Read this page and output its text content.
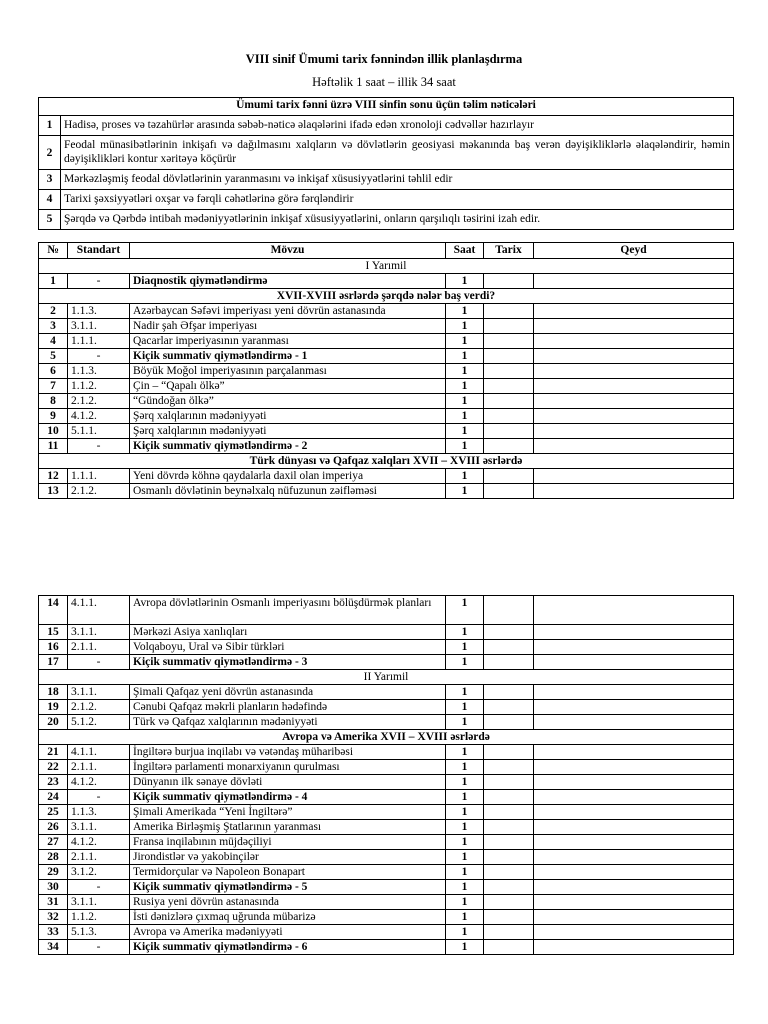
VIII sinif Ümumi tarix fənnindən illik planlaşdırma
Həftəlik 1 saat – illik 34 saat
Ümumi tarix fənni üzrə VIII sinfin sonu üçün təlim nəticələri	
1	Hadisə, proses və təzahürlər arasında səbəb-nəticə əlaqələrini ifadə edən xronoloji cədvəllər hazırlayır
2	Feodal münasibətlərinin inkişafı və dağılmasını xalqların və dövlətlərin geosiyasi məkanında baş verən dəyişikliklərlə əlaqələndirir, həmin dəyişiklikləri kontur xəritəyə köçürür
3	Mərkəzləşmiş feodal dövlətlərinin yaranmasını və inkişaf xüsusiyyətlərini təhlil edir
4	Tarixi şəxsiyyətləri oxşar və fərqli cəhətlərinə görə fərqləndirir
5	Şərqdə və Qərbdə intibah mədəniyyətlərinin inkişaf xüsusiyyətlərini, onların qarşılıqlı təsirini izah edir.
№	Standart	Mövzu	Saat	Tarix	Qeyd
I Yarımil					
1	-	Diaqnostik qiymətləndirmə	1		
XVII-XVIII əsrlərdə şərqdə nələr baş verdi?					
2	1.1.3.	Azərbaycan Səfəvi imperiyası yeni dövrün astanasında	1		
3	3.1.1.	Nadir şah Əfşar imperiyası	1		
4	1.1.1.	Qacarlar imperiyasının yaranması	1		
5	-	Kiçik summativ qiymətləndirmə - 1	1		
6	1.1.3.	Böyük Moğol imperiyasının parçalanması	1		
7	1.1.2.	Çin – “Qapalı ölkə”	1		
8	2.1.2.	“Gündoğan ölkə”	1		
9	4.1.2.	Şərq xalqlarının mədəniyyəti	1		
10	5.1.1.	Şərq xalqlarının mədəniyyəti	1		
11	-	Kiçik summativ qiymətləndirmə - 2	1		
Türk dünyası və Qafqaz xalqları XVII – XVIII əsrlərdə					
12	1.1.1.	Yeni dövrdə köhnə qaydalarla daxil olan imperiya	1		
13	2.1.2.	Osmanlı dövlətinin beynəlxalq nüfuzunun zəifləməsi	1		
14	4.1.1.	Avropa dövlətlərinin Osmanlı imperiyasını bölüşdürmək planları	1		
15	3.1.1.	Mərkəzi Asiya xanlıqları	1		
16	2.1.1.	Volqaboyu, Ural və Sibir türkləri	1		
17	-	Kiçik summativ qiymətləndirmə - 3	1		
II Yarımil					
18	3.1.1.	Şimali Qafqaz yeni dövrün astanasında	1		
19	2.1.2.	Cənubi Qafqaz məkrli planların hədəfində	1		
20	5.1.2.	Türk və Qafqaz xalqlarının mədəniyyəti	1		
Avropa və Amerika XVII – XVIII əsrlərdə					
21	4.1.1.	İngiltərə burjua inqilabı və vətəndaş müharibəsi	1		
22	2.1.1.	İngiltərə parlamenti monarxiyanın qurulması	1		
23	4.1.2.	Dünyanın ilk sənaye dövləti	1		
24	-	Kiçik summativ qiymətləndirmə - 4	1		
25	1.1.3.	Şimali Amerikada “Yeni İngiltərə”	1		
26	3.1.1.	Amerika Birləşmiş Ştatlarının yaranması	1		
27	4.1.2.	Fransa inqilabının müjdəçiliyi	1		
28	2.1.1.	Jirondistlər və yakobinçilər	1		
29	3.1.2.	Termidorçular və Napoleon Bonapart	1		
30	-	Kiçik summativ qiymətləndirmə - 5	1		
31	3.1.1.	Rusiya yeni dövrün astanasında	1		
32	1.1.2.	İsti dənizlərə çıxmaq uğrunda mübarizə	1		
33	5.1.3.	Avropa və Amerika mədəniyyəti	1		
34	-	Kiçik summativ qiymətləndirmə - 6	1		
